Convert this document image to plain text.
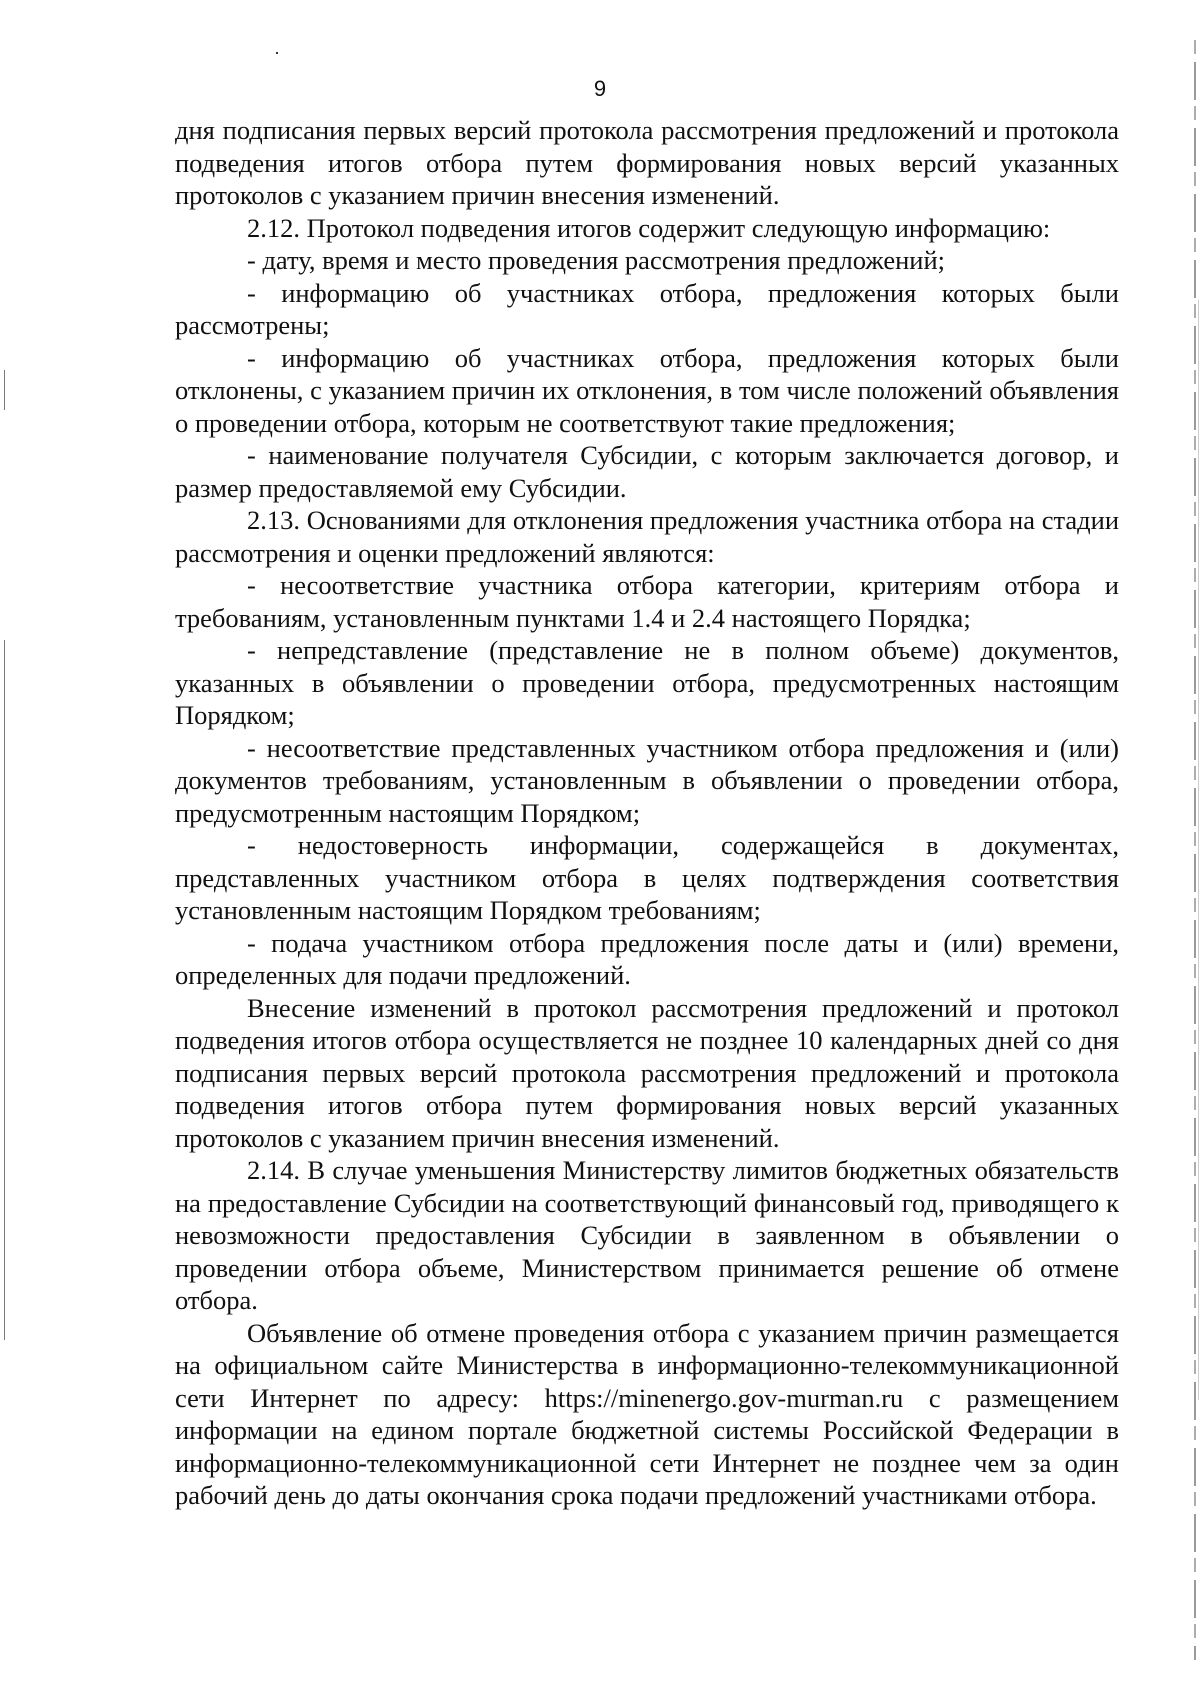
9

дня подписания первых версий протокола рассмотрения предложений и протокола подведения итогов отбора путем формирования новых версий указанных протоколов с указанием причин внесения изменений.

2.12. Протокол подведения итогов содержит следующую информацию:

- дату, время и место проведения рассмотрения предложений;

- информацию об участниках отбора, предложения которых были рассмотрены;

- информацию об участниках отбора, предложения которых были отклонены, с указанием причин их отклонения, в том числе положений объявления о проведении отбора, которым не соответствуют такие предложения;

- наименование получателя Субсидии, с которым заключается договор, и размер предоставляемой ему Субсидии.

2.13. Основаниями для отклонения предложения участника отбора на стадии рассмотрения и оценки предложений являются:

- несоответствие участника отбора категории, критериям отбора и требованиям, установленным пунктами 1.4 и 2.4 настоящего Порядка;

- непредставление (представление не в полном объеме) документов, указанных в объявлении о проведении отбора, предусмотренных настоящим Порядком;

- несоответствие представленных участником отбора предложения и (или) документов требованиям, установленным в объявлении о проведении отбора, предусмотренным настоящим Порядком;

- недостоверность информации, содержащейся в документах, представленных участником отбора в целях подтверждения соответствия установленным настоящим Порядком требованиям;

- подача участником отбора предложения после даты и (или) времени, определенных для подачи предложений.

Внесение изменений в протокол рассмотрения предложений и протокол подведения итогов отбора осуществляется не позднее 10 календарных дней со дня подписания первых версий протокола рассмотрения предложений и протокола подведения итогов отбора путем формирования новых версий указанных протоколов с указанием причин внесения изменений.

2.14. В случае уменьшения Министерству лимитов бюджетных обязательств на предоставление Субсидии на соответствующий финансовый год, приводящего к невозможности предоставления Субсидии в заявленном в объявлении о проведении отбора объеме, Министерством принимается решение об отмене отбора.

Объявление об отмене проведения отбора с указанием причин размещается на официальном сайте Министерства в информационно-телекоммуникационной сети Интернет по адресу: https://minenergo.gov-murman.ru с размещением информации на едином портале бюджетной системы Российской Федерации в информационно-телекоммуникационной сети Интернет не позднее чем за один рабочий день до даты окончания срока подачи предложений участниками отбора.
